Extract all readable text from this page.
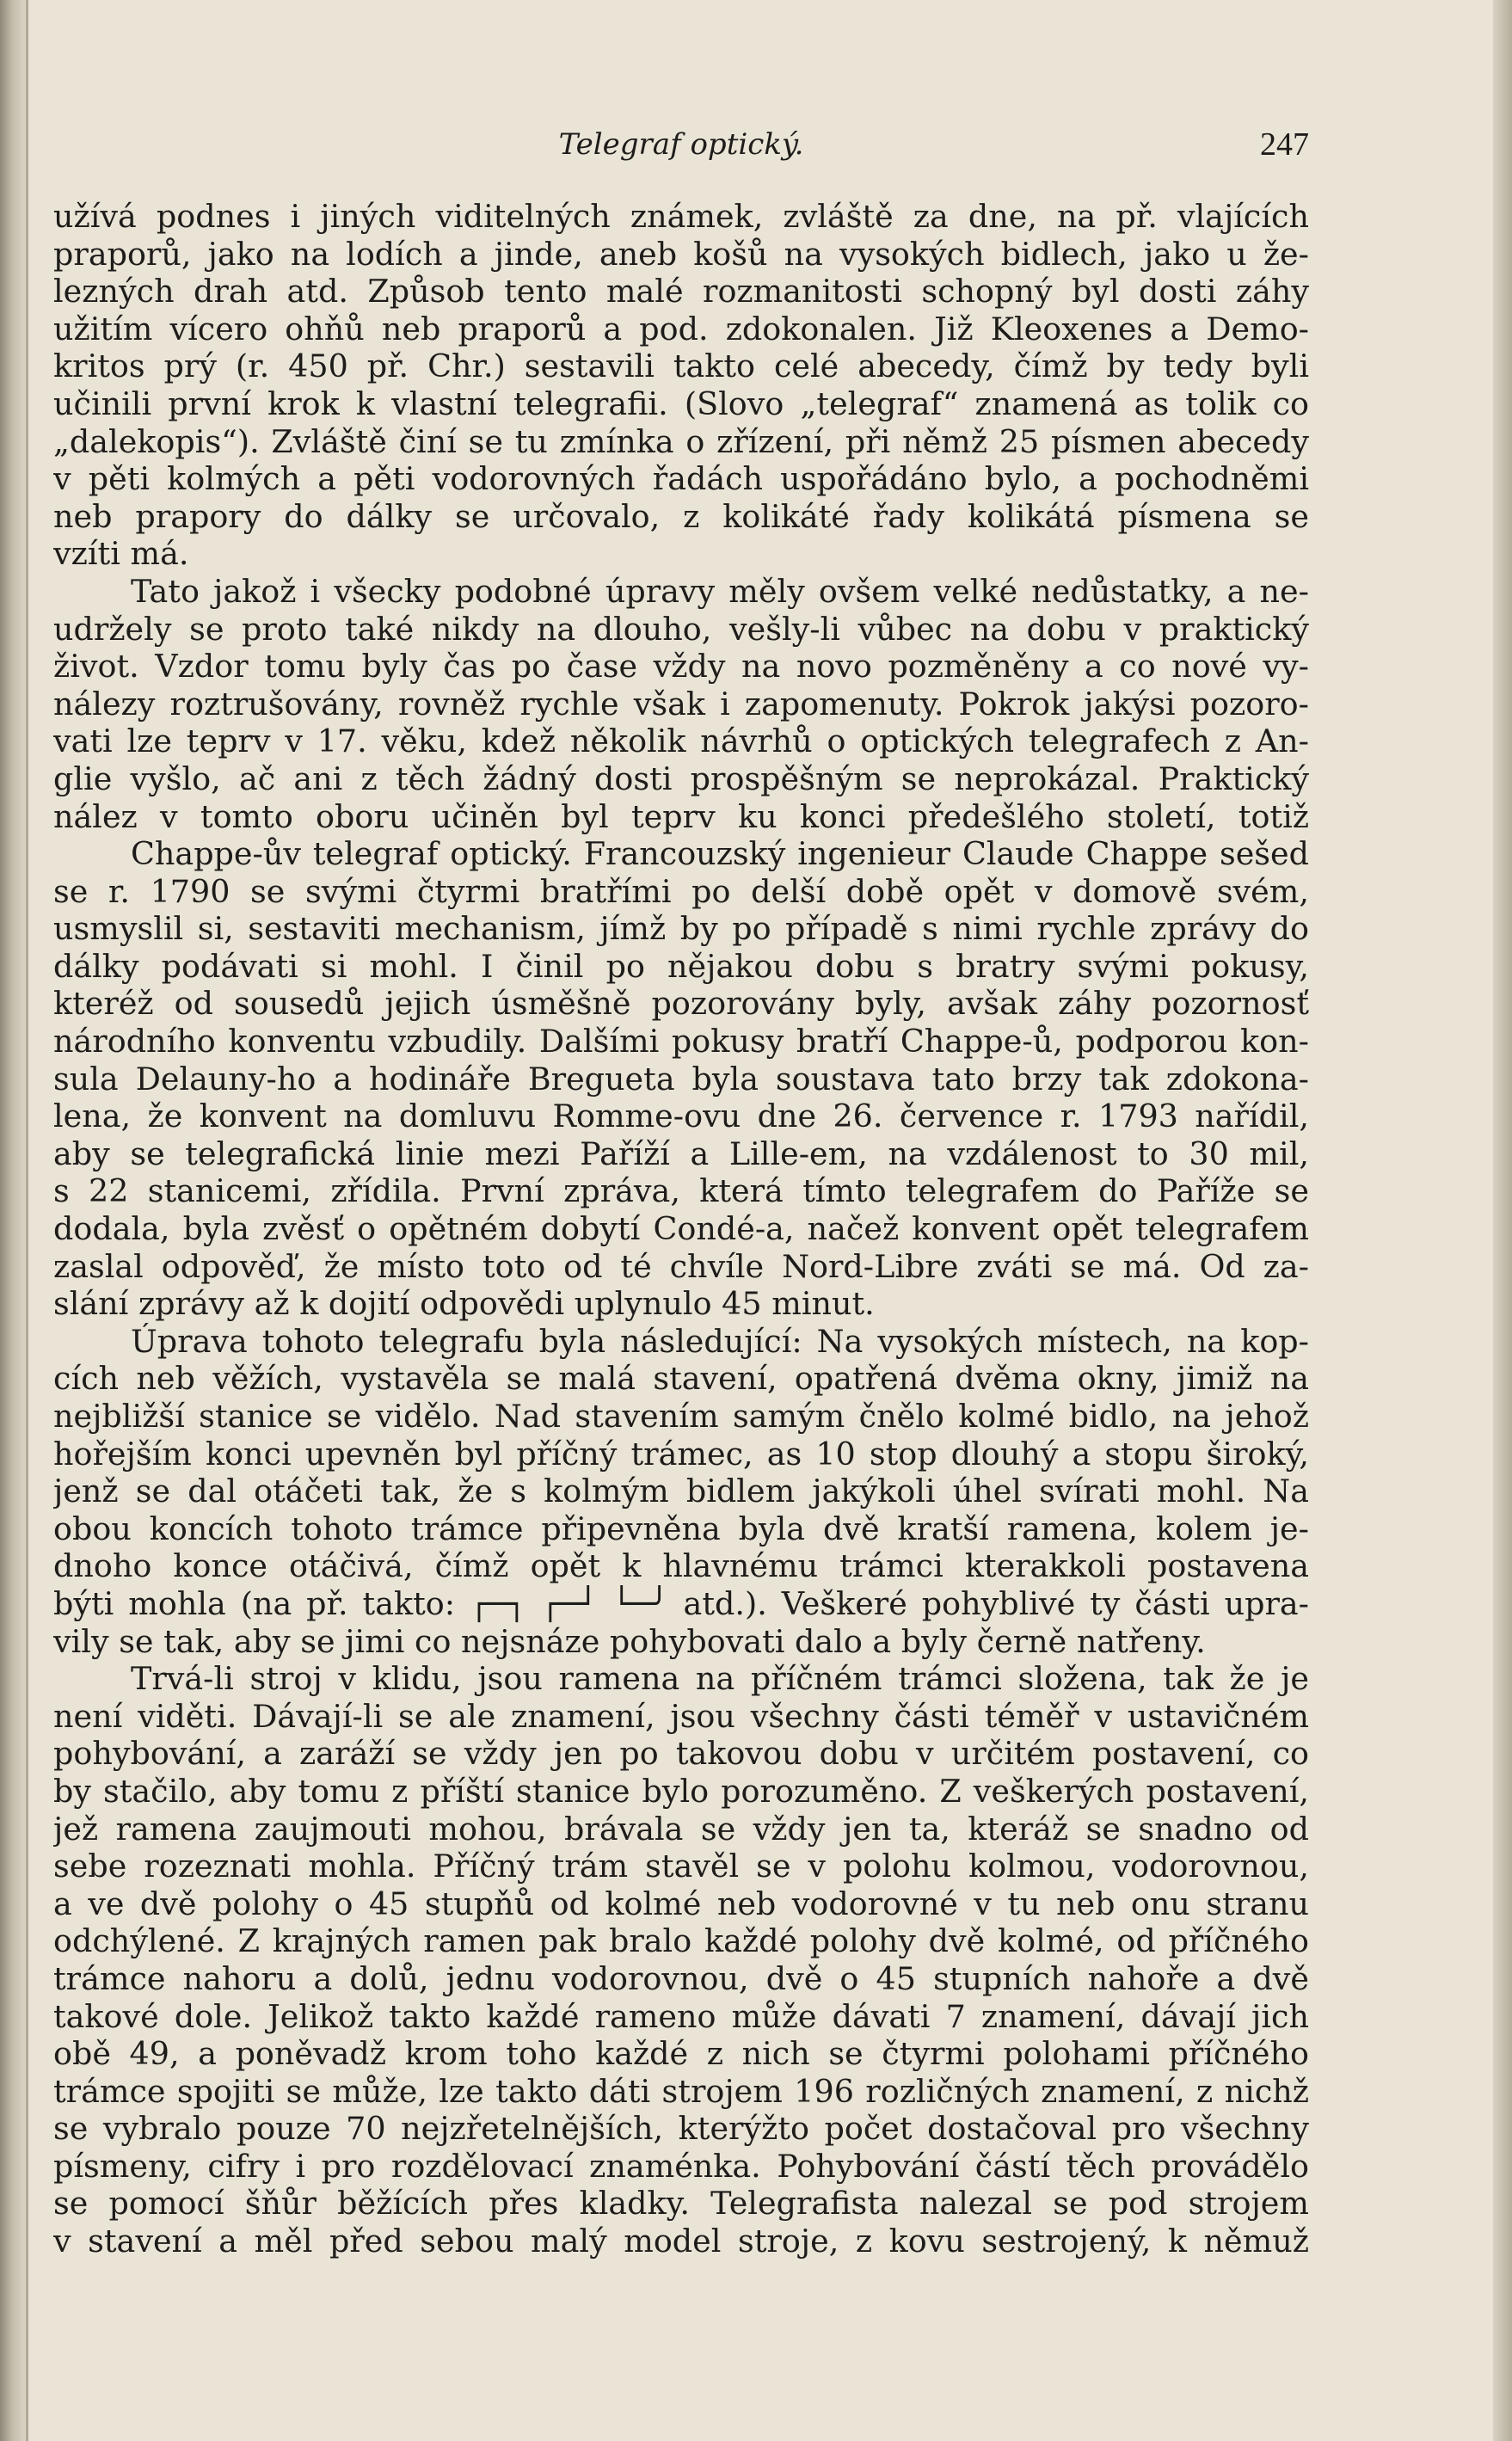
Telegraf optický.	247
užívá podnes i jiných viditelných známek, zvláště za dne, na př. vlajících
praporů, jako na lodích a jinde, aneb košů na vysokých bidlech, jako u že-
lezných drah atd. Způsob tento malé rozmanitosti schopný byl dosti záhy
užitím vícero ohňů neb praporů a pod. zdokonalen. Již Kleoxenes a Demo-
kritos prý (r. 450 př. Chr.) sestavili takto celé abecedy, čímž by tedy byli
učinili první krok k vlastní telegrafii. (Slovo „telegraf“ znamená as tolik co
„dalekopis“). Zvláště činí se tu zmínka o zřízení, při němž 25 písmen abecedy
v pěti kolmých a pěti vodorovných řadách uspořádáno bylo, a pochodněmi
neb prapory do dálky se určovalo, z kolikáté řady kolikátá písmena se
vzíti má.
Tato jakož i všecky podobné úpravy měly ovšem velké nedůstatky, a ne-
udržely se proto také nikdy na dlouho, vešly-li vůbec na dobu v praktický
život. Vzdor tomu byly čas po čase vždy na novo pozměněny a co nové vy-
nálezy roztrušovány, rovněž rychle však i zapomenuty. Pokrok jakýsi pozoro-
vati lze teprv v 17. věku, kdež několik návrhů o optických telegrafech z An-
glie vyšlo, ač ani z těch žádný dosti prospěšným se neprokázal. Praktický
nález v tomto oboru učiněn byl teprv ku konci předešlého století, totiž
Chappe-ův telegraf optický. Francouzský ingenieur Claude Chappe sešed
se r. 1790 se svými čtyrmi bratřími po delší době opět v domově svém,
usmyslil si, sestaviti mechanism, jímž by po případě s nimi rychle zprávy do
dálky podávati si mohl. I činil po nějakou dobu s bratry svými pokusy,
kteréž od sousedů jejich úsměšně pozorovány byly, avšak záhy pozornosť
národního konventu vzbudily. Dalšími pokusy bratří Chappe-ů, podporou kon-
sula Delauny-ho a hodináře Bregueta byla soustava tato brzy tak zdokona-
lena, že konvent na domluvu Romme-ovu dne 26. července r. 1793 nařídil,
aby se telegrafická linie mezi Paříží a Lille-em, na vzdálenost to 30 mil,
s 22 stanicemi, zřídila. První zpráva, která tímto telegrafem do Paříže se
dodala, byla zvěsť o opětném dobytí Condé-a, načež konvent opět telegrafem
zaslal odpověď, že místo toto od té chvíle Nord-Libre zváti se má. Od za-
slání zprávy až k dojití odpovědi uplynulo 45 minut.
Úprava tohoto telegrafu byla následující: Na vysokých místech, na kop-
cích neb věžích, vystavěla se malá stavení, opatřená dvěma okny, jimiž na
nejbližší stanice se vidělo. Nad stavením samým čnělo kolmé bidlo, na jehož
hořejším konci upevněn byl příčný trámec, as 10 stop dlouhý a stopu široký,
jenž se dal otáčeti tak, že s kolmým bidlem jakýkoli úhel svírati mohl. Na
obou koncích tohoto trámce připevněna byla dvě kratší ramena, kolem je-
dnoho konce otáčivá, čímž opět k hlavnému trámci kterakkoli postavena
býti mohla (na př. takto: ┌─┐ ┌─┘ └─╯ atd.). Veškeré pohyblivé ty části upra-
vily se tak, aby se jimi co nejsnáze pohybovati dalo a byly černě natřeny.
Trvá-li stroj v klidu, jsou ramena na příčném trámci složena, tak že je
není viděti. Dávají-li se ale znamení, jsou všechny části téměř v ustavičném
pohybování, a zaráží se vždy jen po takovou dobu v určitém postavení, co
by stačilo, aby tomu z příští stanice bylo porozuměno. Z veškerých postavení,
jež ramena zaujmouti mohou, brávala se vždy jen ta, kteráž se snadno od
sebe rozeznati mohla. Příčný trám stavěl se v polohu kolmou, vodorovnou,
a ve dvě polohy o 45 stupňů od kolmé neb vodorovné v tu neb onu stranu
odchýlené. Z krajných ramen pak bralo každé polohy dvě kolmé, od příčného
trámce nahoru a dolů, jednu vodorovnou, dvě o 45 stupních nahoře a dvě
takové dole. Jelikož takto každé rameno může dávati 7 znamení, dávají jich
obě 49, a poněvadž krom toho každé z nich se čtyrmi polohami příčného
trámce spojiti se může, lze takto dáti strojem 196 rozličných znamení, z nichž
se vybralo pouze 70 nejzřetelnějších, kterýžto počet dostačoval pro všechny
písmeny, cifry i pro rozdělovací znaménka. Pohybování částí těch provádělo
se pomocí šňůr běžících přes kladky. Telegrafista nalezal se pod strojem
v stavení a měl před sebou malý model stroje, z kovu sestrojený, k němuž
